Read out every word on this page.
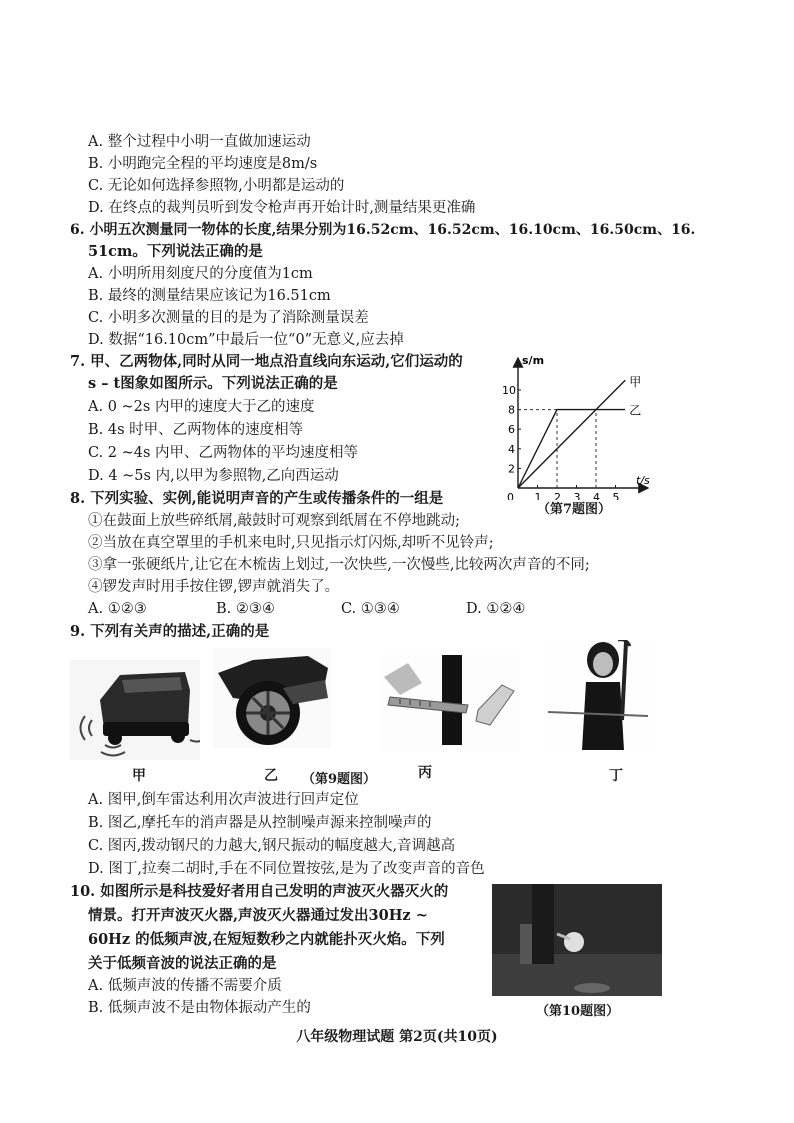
A. 整个过程中小明一直做加速运动
B. 小明跑完全程的平均速度是8m/s
C. 无论如何选择参照物,小明都是运动的
D. 在终点的裁判员听到发令枪声再开始计时,测量结果更准确
6. 小明五次测量同一物体的长度,结果分别为16.52cm、16.52cm、16.10cm、16.50cm、16.
51cm。下列说法正确的是
A. 小明所用刻度尺的分度值为1cm
B. 最终的测量结果应该记为16.51cm
C. 小明多次测量的目的是为了消除测量误差
D. 数据“16.10cm”中最后一位“0”无意义,应去掉
7. 甲、乙两物体,同时从同一地点沿直线向东运动,它们运动的
s – t图象如图所示。下列说法正确的是
A. 0 ~2s 内甲的速度大于乙的速度
B. 4s 时甲、乙两物体的速度相等
C. 2 ~4s 内甲、乙两物体的平均速度相等
D. 4 ~5s 内,以甲为参照物,乙向西运动
s/m
t/s
0 1 2 3 4 5
2
4
6
8
10
甲
乙
（第7题图）
8. 下列实验、实例,能说明声音的产生或传播条件的一组是
①在鼓面上放些碎纸屑,敲鼓时可观察到纸屑在不停地跳动;
②当放在真空罩里的手机来电时,只见指示灯闪烁,却听不见铃声;
③拿一张硬纸片,让它在木梳齿上划过,一次快些,一次慢些,比较两次声音的不同;
④锣发声时用手按住锣,锣声就消失了。
A. ①②③	B. ②③④	C. ①③④	D. ①②④
9. 下列有关声的描述,正确的是
甲	乙 （第9题图）	丙	丁
A. 图甲,倒车雷达利用次声波进行回声定位
B. 图乙,摩托车的消声器是从控制噪声源来控制噪声的
C. 图丙,拨动钢尺的力越大,钢尺振动的幅度越大,音调越高
D. 图丁,拉奏二胡时,手在不同位置按弦,是为了改变声音的音色
10. 如图所示是科技爱好者用自己发明的声波灭火器灭火的
情景。打开声波灭火器,声波灭火器通过发出30Hz ~
60Hz 的低频声波,在短短数秒之内就能扑灭火焰。下列
关于低频音波的说法正确的是
A. 低频声波的传播不需要介质
B. 低频声波不是由物体振动产生的	（第10题图）
八年级物理试题 第2页(共10页)
